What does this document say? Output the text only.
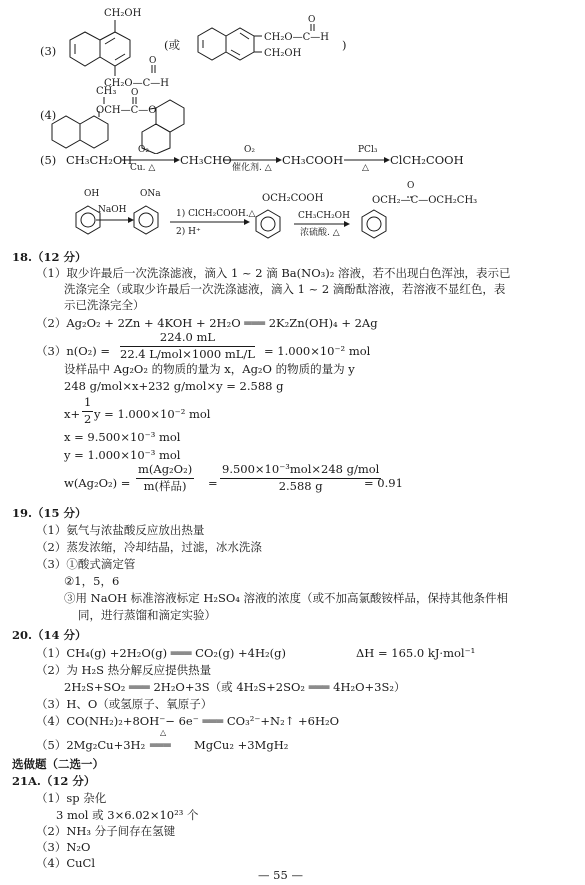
(3)
CH₂OH
CH₂O—C—H
O
CH₂O—C—H
CH₂OH
O
(或	)
(4)
CH₃
OCH—C—O
O
(5) CH₃CH₂OH
O₂
Cu. △
CH₃CHO
O₂
催化剂. △
CH₃COOH
PCl₃
△
ClCH₂COOH
OH
NaOH
ONa
1) ClCH₂COOH.△
2) H⁺
OCH₂COOH
CH₃CH₂OH
浓硫酸. △
OCH₂—C—OCH₂CH₃
O
18.（12 分）
（1）取少许最后一次洗涤滤液，滴入 1 ~ 2 滴 Ba(NO₃)₂ 溶液，若不出现白色浑浊，表示已
洗涤完全（或取少许最后一次洗涤滤液，滴入 1 ~ 2 滴酚酞溶液，若溶液不显红色，表
示已洗涤完全）
（2）Ag₂O₂ + 2Zn + 4KOH + 2H₂O ═══ 2K₂Zn(OH)₄ + 2Ag
（3）n(O₂) =
224.0 mL
22.4 L/mol×1000 mL/L = 1.000×10⁻² mol
设样品中 Ag₂O₂ 的物质的量为 x，Ag₂O 的物质的量为 y
248 g/mol×x+232 g/mol×y = 2.588 g
$x+ \frac{1}{2}$ y = 1.000×10⁻² mol
x = 9.500×10⁻³ mol
y = 1.000×10⁻³ mol
w(Ag₂O₂) =
m(Ag₂O₂)
m(样品)	=
9.500×10⁻³mol×248 g/mol
2.588 g	= 0.91
19.（15 分）
（1）氨气与浓盐酸反应放出热量
（2）蒸发浓缩，冷却结晶，过滤，冰水洗涤
（3）①酸式滴定管
②1，5，6
③用 NaOH 标准溶液标定 H₂SO₄ 溶液的浓度（或不加高氯酸铵样品，保持其他条件相
同，进行蒸馏和滴定实验）
20.（14 分）
（1）CH₄(g) +2H₂O(g) ═══ CO₂(g) +4H₂(g)	ΔH = 165.0 kJ·mol⁻¹
（2）为 H₂S 热分解反应提供热量
2H₂S+SO₂ ═══ 2H₂O+3S（或 4H₂S+2SO₂ ═══ 4H₂O+3S₂）
（3）H、O（或氢原子、氧原子）
（4）CO(NH₂)₂+8OH⁻− 6e⁻ ═══ CO₃²⁻+N₂↑ +6H₂O
（5）2Mg₂Cu+3H₂ ═══
△
MgCu₂ +3MgH₂
选做题（二选一）
21A.（12 分）
（1）sp 杂化
3 mol 或 3×6.02×10²³ 个
（2）NH₃ 分子间存在氢键
（3）N₂O
（4）CuCl
— 55 —
